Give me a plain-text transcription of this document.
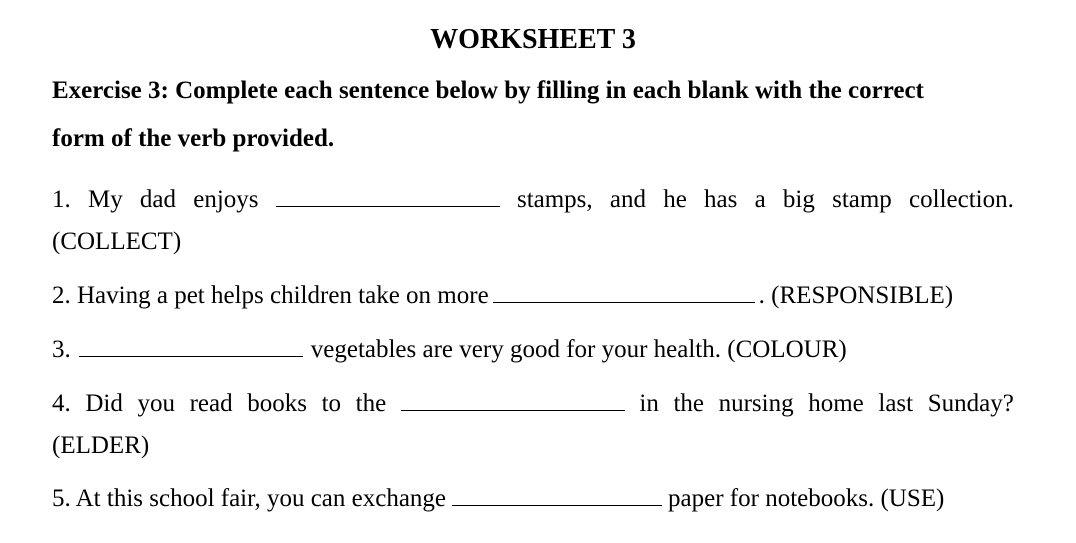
WORKSHEET 3
Exercise 3: Complete each sentence below by filling in each blank with the correct
form of the verb provided.
1. My dad enjoys	stamps, and he has a big stamp collection.
(COLLECT)
2. Having a pet helps children take on more	. (RESPONSIBLE)
3.	vegetables are very good for your health. (COLOUR)
4. Did you read books to the	in the nursing home last Sunday?
(ELDER)
5. At this school fair, you can exchange	paper for notebooks. (USE)
